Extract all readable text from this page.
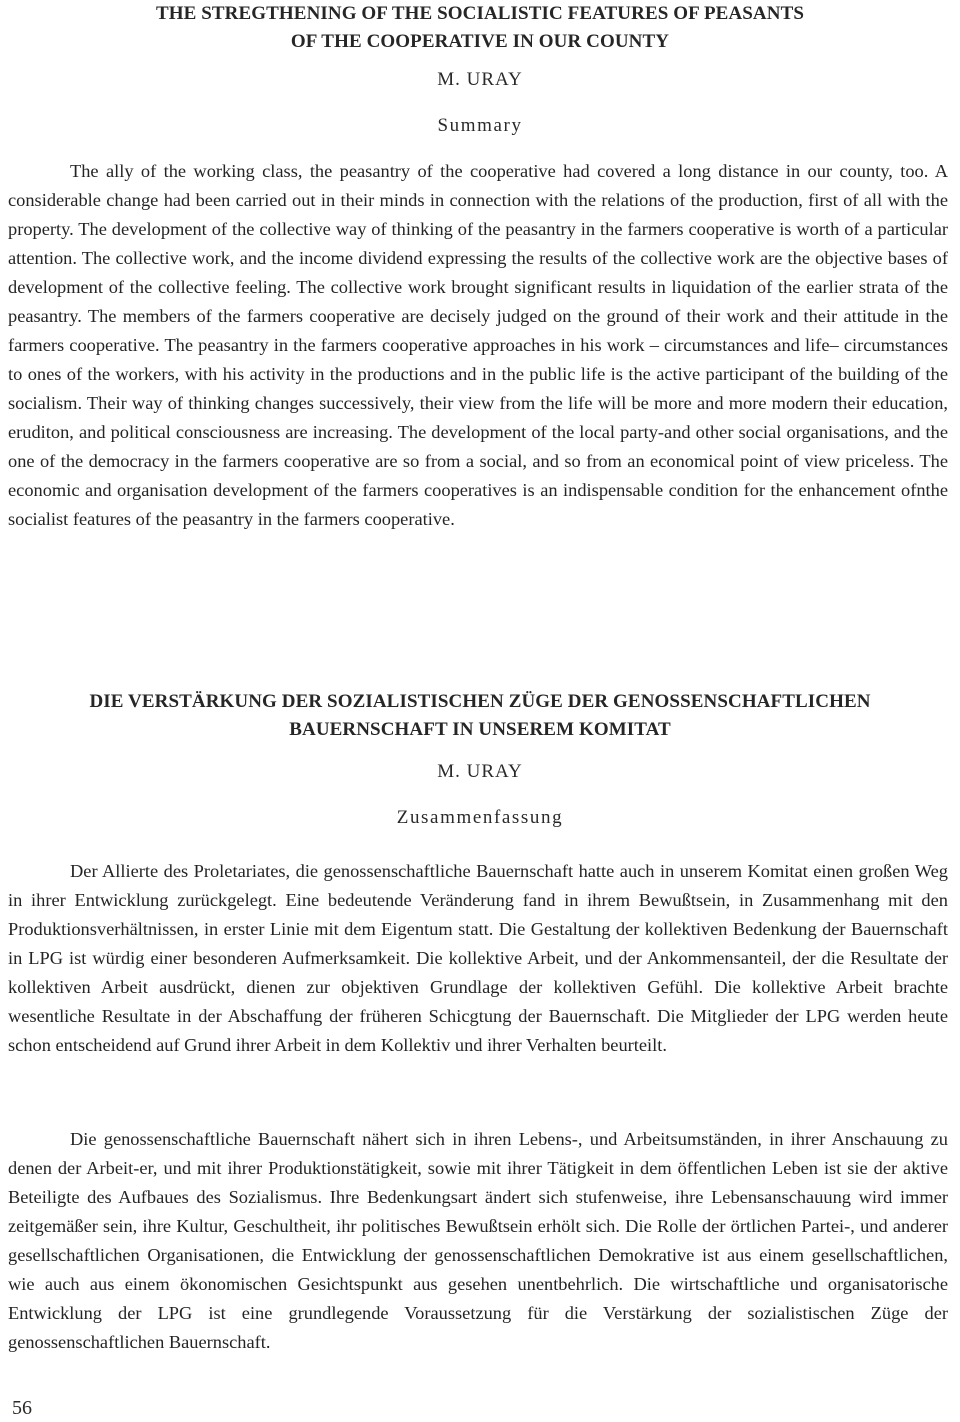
THE STREGTHENING OF THE SOCIALISTIC FEATURES OF PEASANTS
OF THE COOPERATIVE IN OUR COUNTY
M. URAY
Summary

The ally of the working class, the peasantry of the cooperative had covered a long distance in our county, too. A considerable change had been carried out in their minds in connection with the relations of the production, first of all with the property. The development of the collective way of thinking of the peasantry in the farmers cooperative is worth of a particular attention. The collective work, and the income dividend expressing the results of the collective work are the objective bases of development of the collective feeling. The collective work brought significant results in liquidation of the earlier strata of the peasantry. The members of the farmers cooperative are decisely judged on the ground of their work and their attitude in the farmers cooperative. The peasantry in the farmers cooperative approaches in his work – circumstances and life– circumstances to ones of the workers, with his activity in the productions and in the public life is the active participant of the building of the socialism. Their way of thinking changes successively, their view from the life will be more and more modern their education, eruditon, and political consciousness are increasing. The development of the local party-and other social organisations, and the one of the democracy in the farmers cooperative are so from a social, and so from an economical point of view priceless. The economic and organisation development of the farmers cooperatives is an indispensable condition for the enhancement ofnthe socialist features of the peasantry in the farmers cooperative.

DIE VERSTÄRKUNG DER SOZIALISTISCHEN ZÜGE DER GENOSSENSCHAFTLICHEN
BAUERNSCHAFT IN UNSEREM KOMITAT
M. URAY
Zusammenfassung

Der Allierte des Proletariates, die genossenschaftliche Bauernschaft hatte auch in unserem Komitat einen großen Weg in ihrer Entwicklung zurückgelegt. Eine bedeutende Veränderung fand in ihrem Bewußtsein, in Zusammenhang mit den Produktionsverhältnissen, in erster Linie mit dem Eigentum statt. Die Gestaltung der kollektiven Bedenkung der Bauernschaft in LPG ist würdig einer besonderen Aufmerksamkeit. Die kollektive Arbeit, und der Ankommensanteil, der die Resultate der kollektiven Arbeit ausdrückt, dienen zur objektiven Grundlage der kollektiven Gefühl. Die kollektive Arbeit brachte wesentliche Resultate in der Abschaffung der früheren Schicgtung der Bauernschaft. Die Mitglieder der LPG werden heute schon entscheidend auf Grund ihrer Arbeit in dem Kollektiv und ihrer Verhalten beurteilt.

Die genossenschaftliche Bauernschaft nähert sich in ihren Lebens-, und Arbeitsumständen, in ihrer Anschauung zu denen der Arbeit-er, und mit ihrer Produktionstätigkeit, sowie mit ihrer Tätigkeit in dem öffentlichen Leben ist sie der aktive Beteiligte des Aufbaues des Sozialismus. Ihre Bedenkungsart ändert sich stufenweise, ihre Lebensanschauung wird immer zeitgemäßer sein, ihre Kultur, Geschultheit, ihr politisches Bewußtsein erhölt sich. Die Rolle der örtlichen Partei-, und anderer gesellschaftlichen Organisationen, die Entwicklung der genossenschaftlichen Demokrative ist aus einem gesellschaftlichen, wie auch aus einem ökonomischen Gesichtspunkt aus gesehen unentbehrlich. Die wirtschaftliche und organisatorische Entwicklung der LPG ist eine grundlegende Voraussetzung für die Verstärkung der sozialistischen Züge der genossenschaftlichen Bauernschaft.

56
